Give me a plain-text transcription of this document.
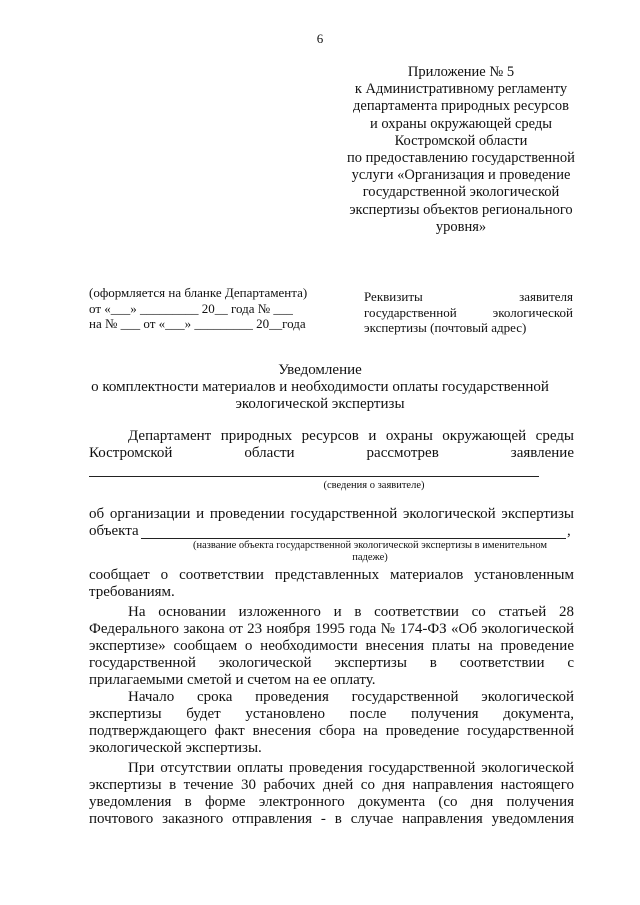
6
Приложение № 5
к Административному регламенту
департамента природных ресурсов
и охраны окружающей среды
Костромской области
по предоставлению государственной
услуги «Организация и проведение
государственной экологической
экспертизы объектов регионального
уровня»
(оформляется на бланке Департамента)
от «___» _________ 20__ года № ___
на № ___ от «___» _________ 20__года
Реквизиты	заявителя
государственной	экологической
экспертизы (почтовый адрес)
Уведомление
о комплектности материалов и необходимости оплаты государственной
экологической экспертизы
Департамент природных ресурсов и охраны окружающей среды
Костромской	области	рассмотрев	заявление
(сведения о заявителе)
об организации и проведении государственной экологической экспертизы
объекта	,
(название объекта государственной экологической экспертизы в именительном
падеже)
сообщает о соответствии представленных материалов установленным
требованиям.
На основании изложенного и в соответствии со статьей 28
Федерального закона от 23 ноября 1995 года № 174-ФЗ «Об экологической
экспертизе» сообщаем о необходимости внесения платы на проведение
государственной экологической экспертизы в соответствии с
прилагаемыми сметой и счетом на ее оплату.
Начало срока проведения государственной экологической
экспертизы будет установлено после получения документа,
подтверждающего факт внесения сбора на проведение государственной
экологической экспертизы.
При отсутствии оплаты проведения государственной экологической
экспертизы в течение 30 рабочих дней со дня направления настоящего
уведомления в форме электронного документа (со дня получения
почтового заказного отправления - в случае направления уведомления
